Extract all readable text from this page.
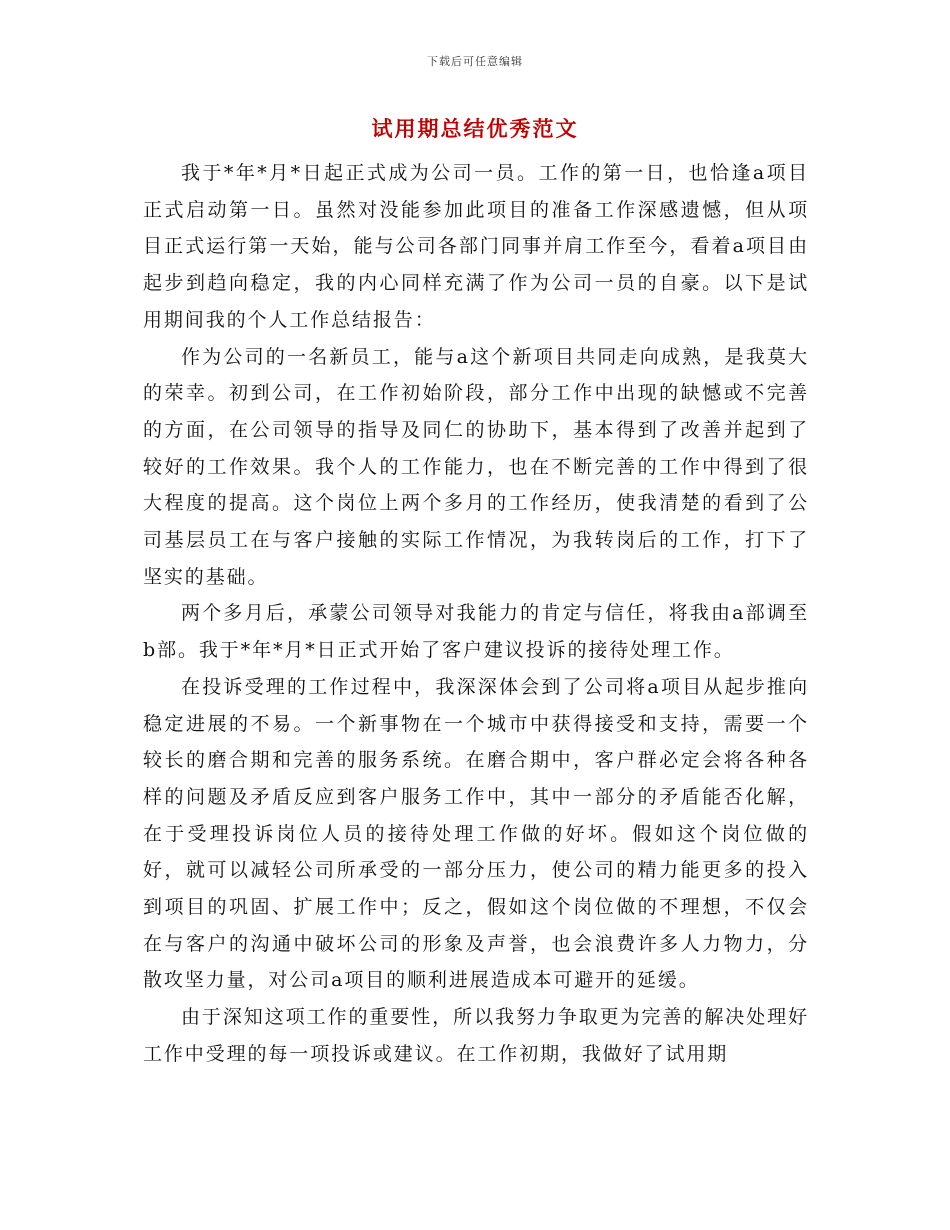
下载后可任意编辑
试用期总结优秀范文

我于*年*月*日起正式成为公司一员。工作的第一日，也恰逢a项目正式启动第一日。虽然对没能参加此项目的准备工作深感遗憾，但从项目正式运行第一天始，能与公司各部门同事并肩工作至今，看着a项目由起步到趋向稳定，我的内心同样充满了作为公司一员的自豪。以下是试用期间我的个人工作总结报告：

作为公司的一名新员工，能与a这个新项目共同走向成熟，是我莫大的荣幸。初到公司，在工作初始阶段，部分工作中出现的缺憾或不完善的方面，在公司领导的指导及同仁的协助下，基本得到了改善并起到了较好的工作效果。我个人的工作能力，也在不断完善的工作中得到了很大程度的提高。这个岗位上两个多月的工作经历，使我清楚的看到了公司基层员工在与客户接触的实际工作情况，为我转岗后的工作，打下了坚实的基础。

两个多月后，承蒙公司领导对我能力的肯定与信任，将我由a部调至b部。我于*年*月*日正式开始了客户建议投诉的接待处理工作。

在投诉受理的工作过程中，我深深体会到了公司将a项目从起步推向稳定进展的不易。一个新事物在一个城市中获得接受和支持，需要一个较长的磨合期和完善的服务系统。在磨合期中，客户群必定会将各种各样的问题及矛盾反应到客户服务工作中，其中一部分的矛盾能否化解，在于受理投诉岗位人员的接待处理工作做的好坏。假如这个岗位做的好，就可以减轻公司所承受的一部分压力，使公司的精力能更多的投入到项目的巩固、扩展工作中；反之，假如这个岗位做的不理想，不仅会在与客户的沟通中破坏公司的形象及声誉，也会浪费许多人力物力，分散攻坚力量，对公司a项目的顺利进展造成本可避开的延缓。

由于深知这项工作的重要性，所以我努力争取更为完善的解决处理好工作中受理的每一项投诉或建议。在工作初期，我做好了试用期
